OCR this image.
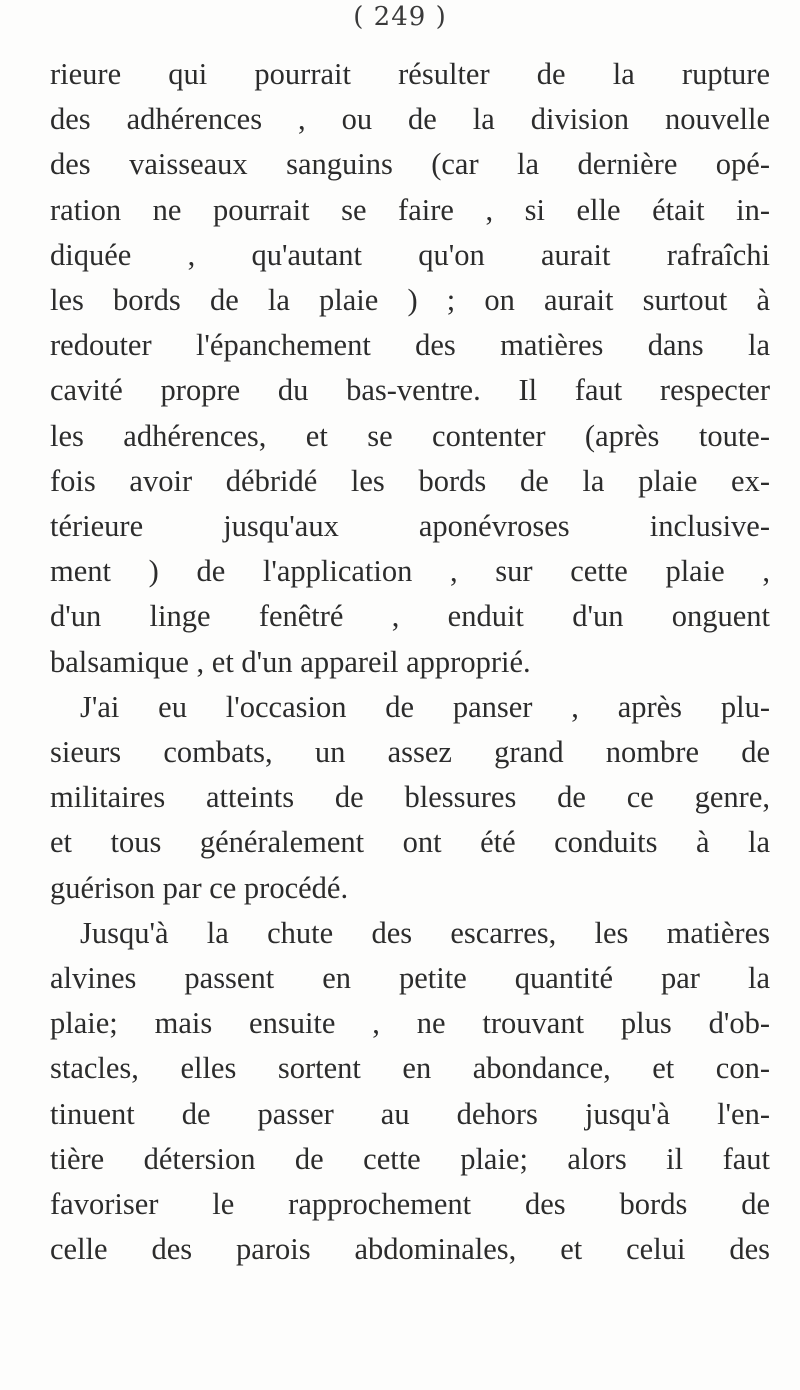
( 249 )
rieure qui pourrait résulter de la rupture
des adhérences , ou de la division nouvelle
des vaisseaux sanguins (car la dernière opé-
ration ne pourrait se faire , si elle était in-
diquée , qu'autant qu'on aurait rafraîchi
les bords de la plaie ) ; on aurait surtout à
redouter l'épanchement des matières dans la
cavité propre du bas-ventre. Il faut respecter
les adhérences, et se contenter (après toute-
fois avoir débridé les bords de la plaie ex-
térieure jusqu'aux aponévroses inclusive-
ment ) de l'application , sur cette plaie ,
d'un linge fenêtré , enduit d'un onguent
balsamique , et d'un appareil approprié.
J'ai eu l'occasion de panser , après plu-
sieurs combats, un assez grand nombre de
militaires atteints de blessures de ce genre,
et tous généralement ont été conduits à la
guérison par ce procédé.
Jusqu'à la chute des escarres, les matières
alvines passent en petite quantité par la
plaie; mais ensuite , ne trouvant plus d'ob-
stacles, elles sortent en abondance, et con-
tinuent de passer au dehors jusqu'à l'en-
tière détersion de cette plaie; alors il faut
favoriser le rapprochement des bords de
celle des parois abdominales, et celui des
